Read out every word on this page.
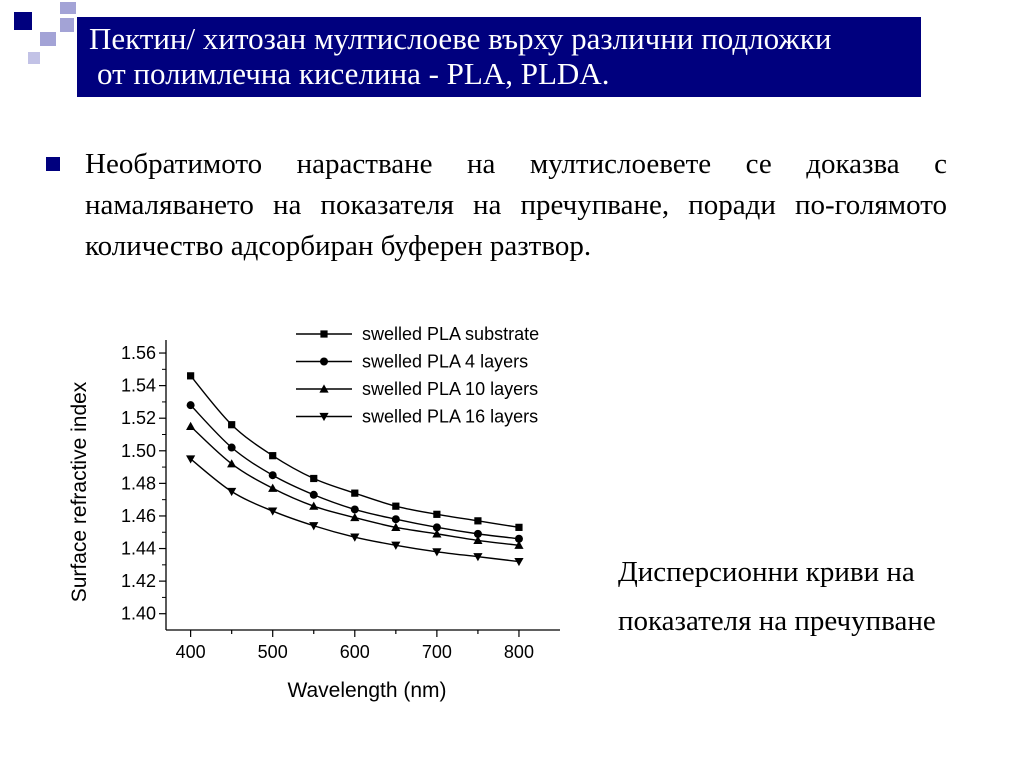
Пектин/ хитозан мултислоеве върху различни подложки
от полимлечна киселина - PLA, PLDA.
Необратимото нарастване на мултислоевете се доказва с намаляването на показателя на пречупване, поради по-голямото количество адсорбиран буферен разтвор.
1.40
1.42
1.44
1.46
1.48
1.50
1.52
1.54
1.56
400	500	600	700	800
swelled PLA substrate
swelled PLA 4 layers
swelled PLA 10 layers
swelled PLA 16 layers
Wavelength (nm)
Surface refractive index	Дисперсионни криви на
показателя на пречупване
